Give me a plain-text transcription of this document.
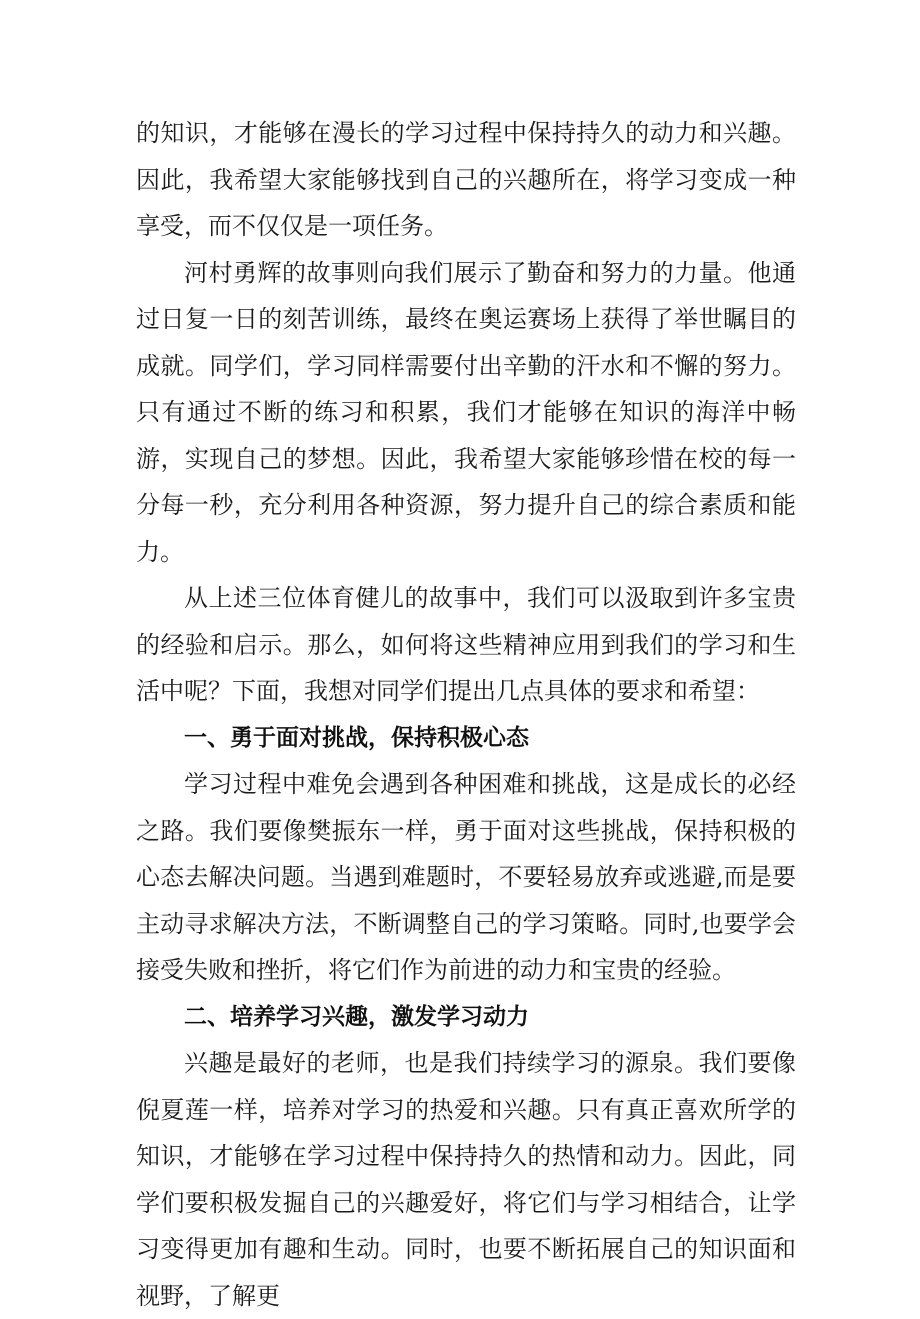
的知识，才能够在漫长的学习过程中保持持久的动力和兴趣。因此，我希望大家能够找到自己的兴趣所在，将学习变成一种享受，而不仅仅是一项任务。

河村勇辉的故事则向我们展示了勤奋和努力的力量。他通过日复一日的刻苦训练，最终在奥运赛场上获得了举世瞩目的成就。同学们，学习同样需要付出辛勤的汗水和不懈的努力。只有通过不断的练习和积累，我们才能够在知识的海洋中畅游，实现自己的梦想。因此，我希望大家能够珍惜在校的每一分每一秒，充分利用各种资源，努力提升自己的综合素质和能力。

从上述三位体育健儿的故事中，我们可以汲取到许多宝贵的经验和启示。那么，如何将这些精神应用到我们的学习和生活中呢？下面，我想对同学们提出几点具体的要求和希望：

一、勇于面对挑战，保持积极心态

学习过程中难免会遇到各种困难和挑战，这是成长的必经之路。我们要像樊振东一样，勇于面对这些挑战，保持积极的心态去解决问题。当遇到难题时，不要轻易放弃或逃避,而是要主动寻求解决方法，不断调整自己的学习策略。同时,也要学会接受失败和挫折，将它们作为前进的动力和宝贵的经验。

二、培养学习兴趣，激发学习动力

兴趣是最好的老师，也是我们持续学习的源泉。我们要像倪夏莲一样，培养对学习的热爱和兴趣。只有真正喜欢所学的知识，才能够在学习过程中保持持久的热情和动力。因此，同学们要积极发掘自己的兴趣爱好，将它们与学习相结合，让学习变得更加有趣和生动。同时，也要不断拓展自己的知识面和视野，了解更
